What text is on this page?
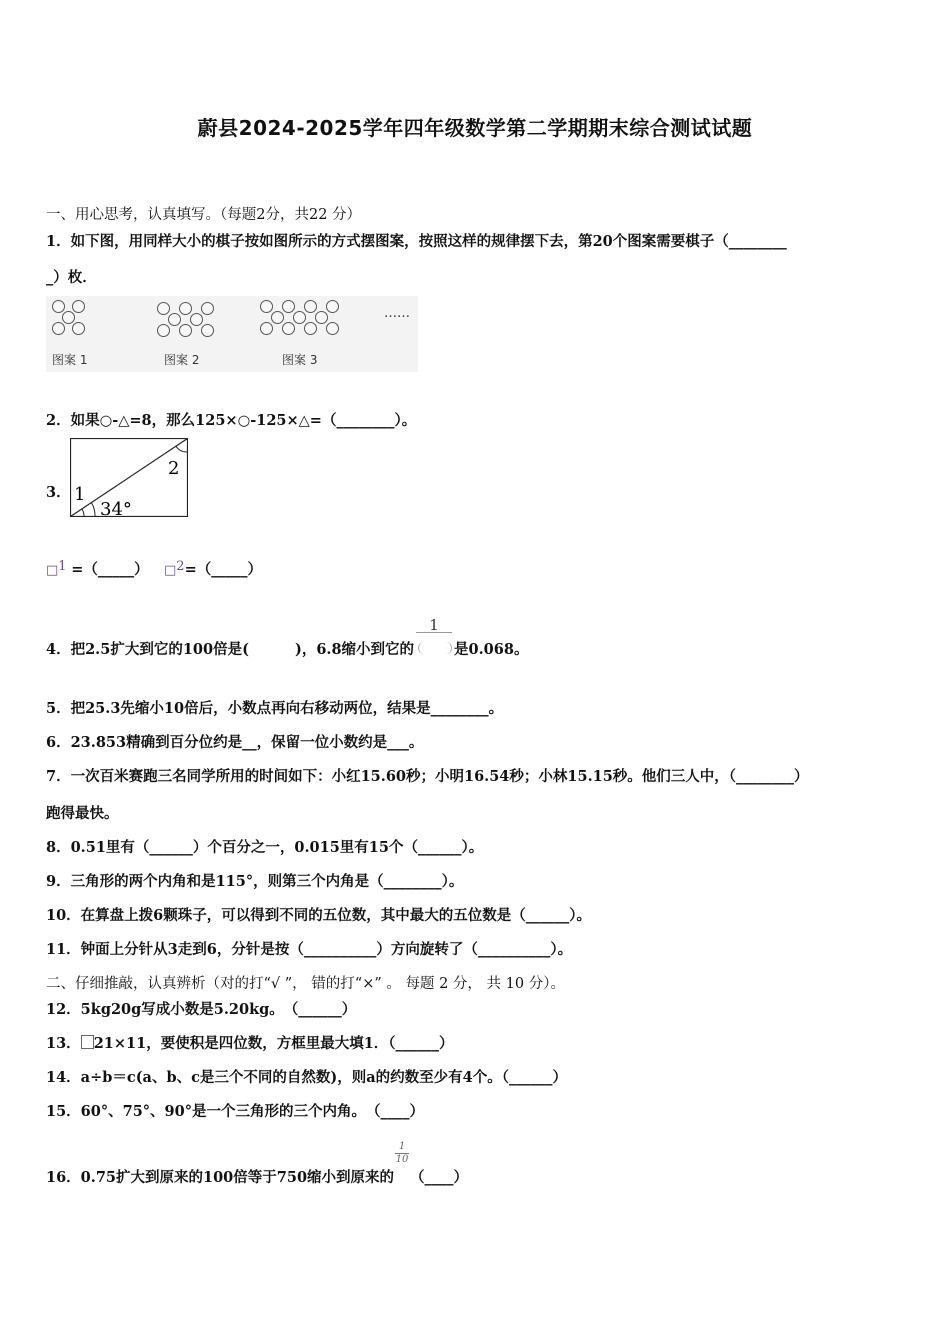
蔚县2024-2025学年四年级数学第二学期期末综合测试试题
一、用心思考，认真填写。（每题2分，共22 分）
1．如下图，用同样大小的棋子按如图所示的方式摆图案，按照这样的规律摆下去，第20个图案需要棋子（________
_）枚．
图案 1	图案 2	图案 3
……
2．如果○-△=8，那么125×○-125×△=（________）。
3． 1
2
34°
□1 =（_____） □2=（_____）
4．把2.5扩大到它的100倍是(	)，6.8缩小到它的
1
是0.068。
5．把25.3先缩小10倍后，小数点再向右移动两位，结果是________。
6．23.853精确到百分位约是__，保留一位小数约是___。
7．一次百米赛跑三名同学所用的时间如下：小红15.60秒；小明16.54秒；小林15.15秒。他们三人中，（________）
跑得最快。
8．0.51里有（______）个百分之一，0.015里有15个（______）。
9．三角形的两个内角和是115°，则第三个内角是（________）。
10．在算盘上拨6颗珠子，可以得到不同的五位数，其中最大的五位数是（______）。
11．钟面上分针从3走到6，分针是按（__________）方向旋转了（__________）。
二、仔细推敲，认真辨析（对的打“√ ”， 错的打“×” 。 每题 2 分， 共 10 分）。
12．5kg20g写成小数是5.20kg。　（______）
13． 21×11，要使积是四位数，方框里最大填1．（______）
14．a÷b＝c(a、b、c是三个不同的自然数)，则a的约数至少有4个。（______）
15．60°、75°、90°是一个三角形的三个内角。　（____）
16．0.75扩大到原来的100倍等于750缩小到原来的 $\frac{1}{10}$ （____）
